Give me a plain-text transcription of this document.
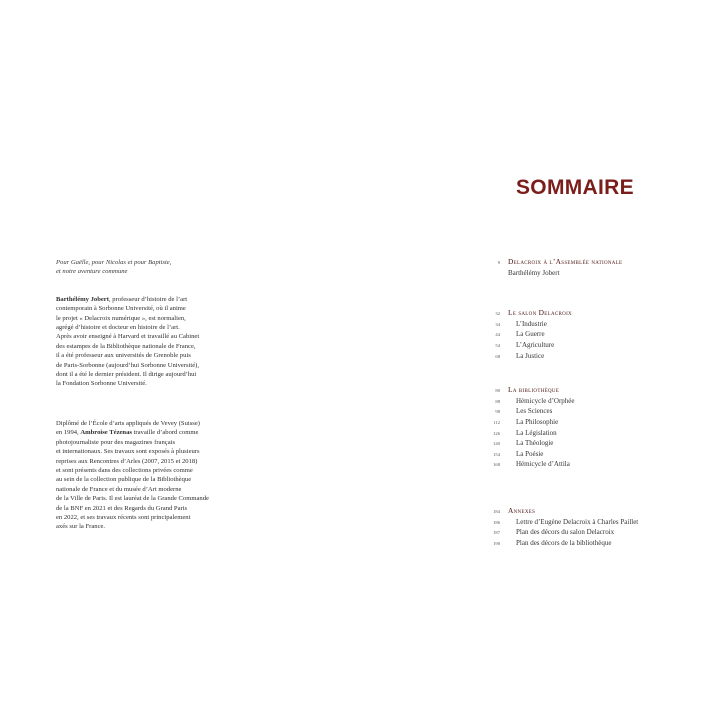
Pour Gaëlle, pour Nicolas et pour Baptiste,
et notre aventure commune

Barthélémy Jobert, professeur d’histoire de l’art
contemporain à Sorbonne Université, où il anime
le projet « Delacroix numérique », est normalien,
agrégé d’histoire et docteur en histoire de l’art.
Après avoir enseigné à Harvard et travaillé au Cabinet
des estampes de la Bibliothèque nationale de France,
il a été professeur aux universités de Grenoble puis
de Paris-Sorbonne (aujourd’hui Sorbonne Université),
dont il a été le dernier président. Il dirige aujourd’hui
la Fondation Sorbonne Université.

Diplômé de l’École d’arts appliqués de Vevey (Suisse)
en 1994, Ambroise Tézenas travaille d’abord comme
photojournaliste pour des magazines français
et internationaux. Ses travaux sont exposés à plusieurs
reprises aux Rencontres d’Arles (2007, 2015 et 2018)
et sont présents dans des collections privées comme
au sein de la collection publique de la Bibliothèque
nationale de France et du musée d’Art moderne
de la Ville de Paris. Il est lauréat de la Grande Commande
de la BNF en 2021 et des Regards du Grand Paris
en 2022, et ses travaux récents sont principalement
axés sur la France.

SOMMAIRE
9	Delacroix à l’Assemblée nationale
Barthélémy Jobert
32	Le salon Delacroix
34	L’Industrie
44	La Guerre
54	L’Agriculture
68	La Justice
80	La bibliothèque
88	Hémicycle d’Orphée
98	Les Sciences
112	La Philosophie
126	La Législation
140	La Théologie
154	La Poésie
168	Hémicycle d’Attila
184	Annexes
186	Lettre d’Eugène Delacroix à Charles Paillet
187	Plan des décors du salon Delacroix
190	Plan des décors de la bibliothèque
